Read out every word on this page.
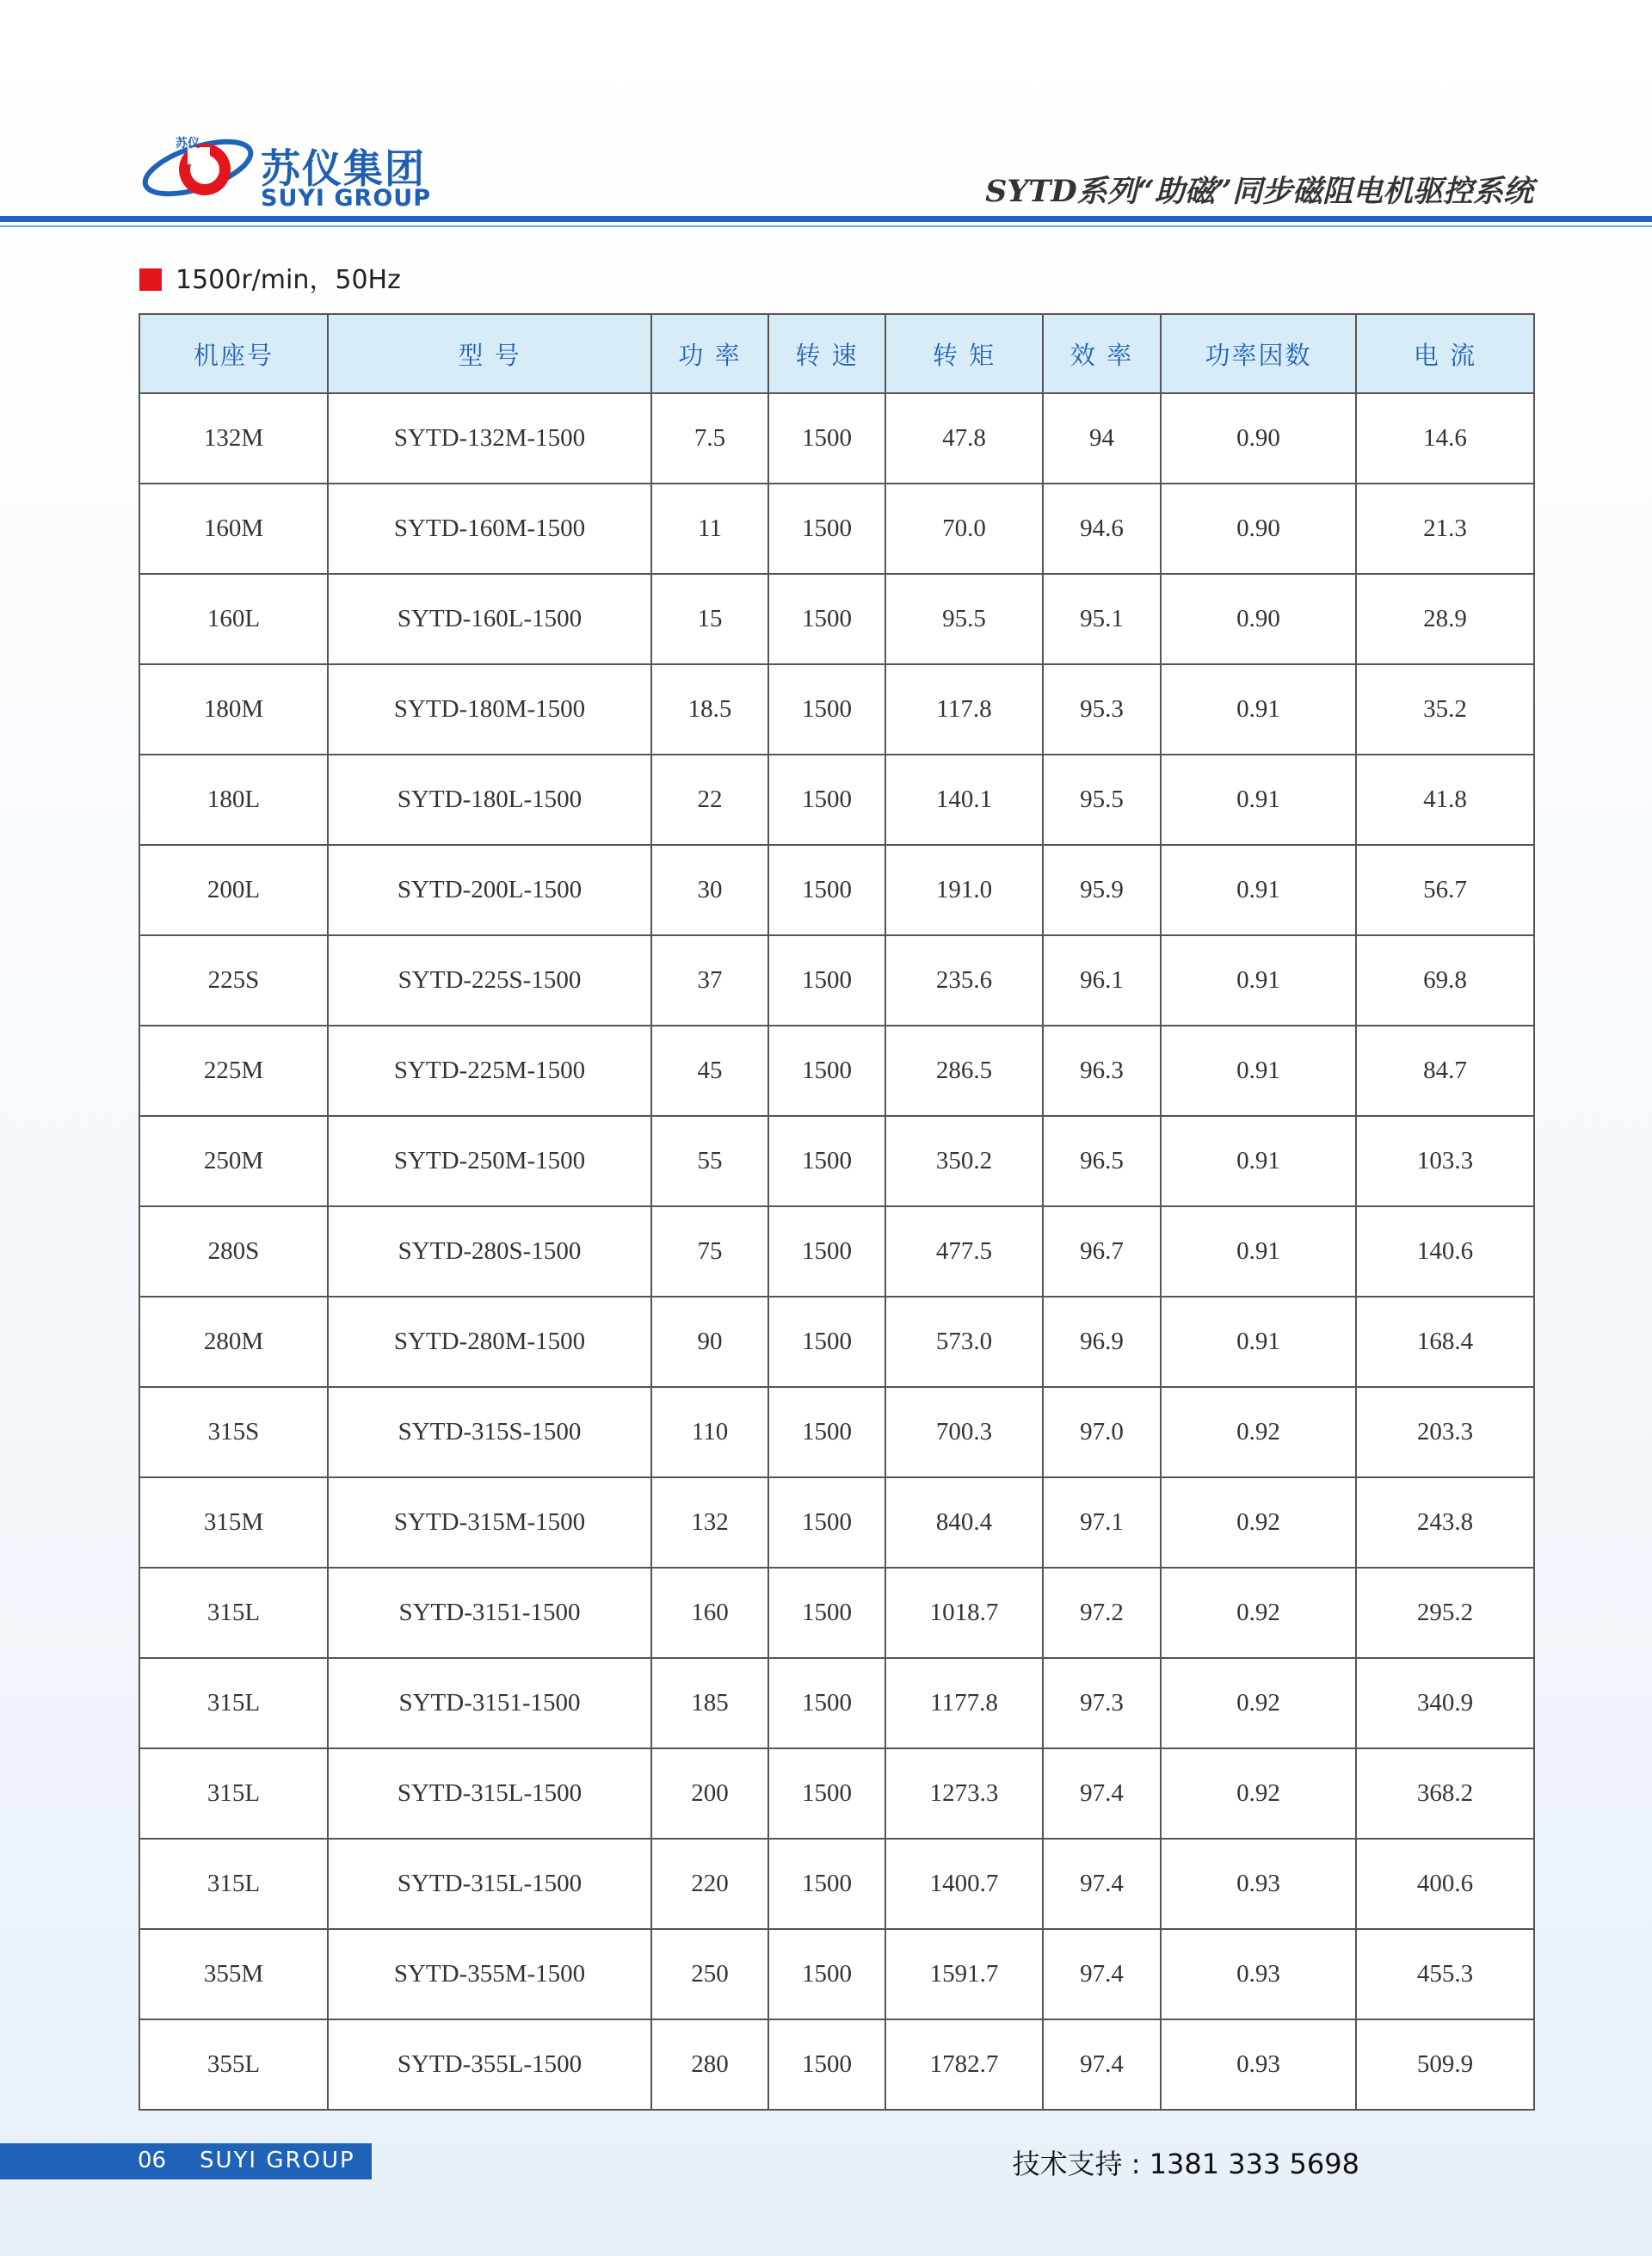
苏仪
苏仪集团
SUYI GROUP	SYTD系列“助磁”同步磁阻电机驱控系统
1500r/min，50Hz
机座号	型 号	功 率	转 速	转 矩	效 率	功率因数	电 流
132M	SYTD-132M-1500	7.5	1500	47.8	94	0.90	14.6
160M	SYTD-160M-1500	11	1500	70.0	94.6	0.90	21.3
160L	SYTD-160L-1500	15	1500	95.5	95.1	0.90	28.9
180M	SYTD-180M-1500	18.5	1500	117.8	95.3	0.91	35.2
180L	SYTD-180L-1500	22	1500	140.1	95.5	0.91	41.8
200L	SYTD-200L-1500	30	1500	191.0	95.9	0.91	56.7
225S	SYTD-225S-1500	37	1500	235.6	96.1	0.91	69.8
225M	SYTD-225M-1500	45	1500	286.5	96.3	0.91	84.7
250M	SYTD-250M-1500	55	1500	350.2	96.5	0.91	103.3
280S	SYTD-280S-1500	75	1500	477.5	96.7	0.91	140.6
280M	SYTD-280M-1500	90	1500	573.0	96.9	0.91	168.4
315S	SYTD-315S-1500	110	1500	700.3	97.0	0.92	203.3
315M	SYTD-315M-1500	132	1500	840.4	97.1	0.92	243.8
315L	SYTD-3151-1500	160	1500	1018.7	97.2	0.92	295.2
315L	SYTD-3151-1500	185	1500	1177.8	97.3	0.92	340.9
315L	SYTD-315L-1500	200	1500	1273.3	97.4	0.92	368.2
315L	SYTD-315L-1500	220	1500	1400.7	97.4	0.93	400.6
355M	SYTD-355M-1500	250	1500	1591.7	97.4	0.93	455.3
355L	SYTD-355L-1500	280	1500	1782.7	97.4	0.93	509.9
06 SUYI GROUP	技术支持 : 1381 333 5698
